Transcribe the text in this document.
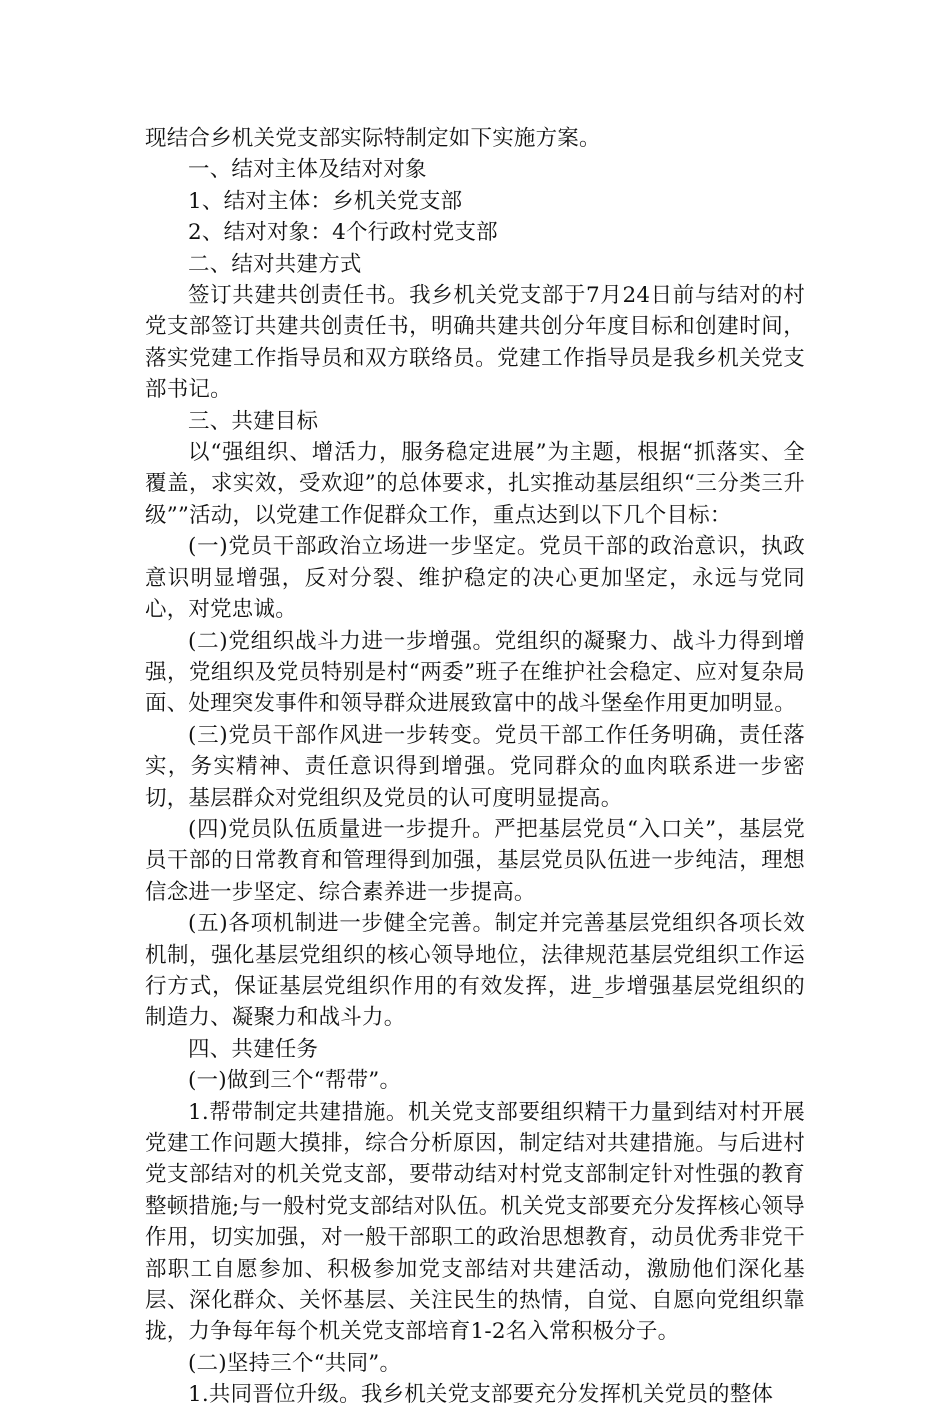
现结合乡机关党支部实际特制定如下实施方案。

一、结对主体及结对对象

1、结对主体：乡机关党支部

2、结对对象：4个行政村党支部

二、结对共建方式

签订共建共创责任书。我乡机关党支部于7月24日前与结对的村党支部签订共建共创责任书，明确共建共创分年度目标和创建时间，落实党建工作指导员和双方联络员。党建工作指导员是我乡机关党支部书记。

三、共建目标

以“强组织、增活力，服务稳定进展”为主题，根据“抓落实、全覆盖，求实效，受欢迎”的总体要求，扎实推动基层组织“三分类三升级””活动，以党建工作促群众工作，重点达到以下几个目标：

(一)党员干部政治立场进一步坚定。党员干部的政治意识，执政意识明显增强，反对分裂、维护稳定的决心更加坚定，永远与党同心，对党忠诚。

(二)党组织战斗力进一步增强。党组织的凝聚力、战斗力得到增强，党组织及党员特别是村“两委”班子在维护社会稳定、应对复杂局面、处理突发事件和领导群众进展致富中的战斗堡垒作用更加明显。

(三)党员干部作风进一步转变。党员干部工作任务明确，责任落实，务实精神、责任意识得到增强。党同群众的血肉联系进一步密切，基层群众对党组织及党员的认可度明显提高。

(四)党员队伍质量进一步提升。严把基层党员“入口关”，基层党员干部的日常教育和管理得到加强，基层党员队伍进一步纯洁，理想信念进一步坚定、综合素养进一步提高。

(五)各项机制进一步健全完善。制定并完善基层党组织各项长效机制，强化基层党组织的核心领导地位，法律规范基层党组织工作运行方式，保证基层党组织作用的有效发挥，进_步增强基层党组织的制造力、凝聚力和战斗力。

四、共建任务

(一)做到三个“帮带”。

1.帮带制定共建措施。机关党支部要组织精干力量到结对村开展党建工作问题大摸排，综合分析原因，制定结对共建措施。与后进村党支部结对的机关党支部，要带动结对村党支部制定针对性强的教育整顿措施;与一般村党支部结对队伍。机关党支部要充分发挥核心领导作用，切实加强，对一般干部职工的政治思想教育，动员优秀非党干部职工自愿参加、积极参加党支部结对共建活动，激励他们深化基层、深化群众、关怀基层、关注民生的热情，自觉、自愿向党组织靠拢，力争每年每个机关党支部培育1-2名入常积极分子。

(二)坚持三个“共同”。

1.共同晋位升级。我乡机关党支部要充分发挥机关党员的整体
